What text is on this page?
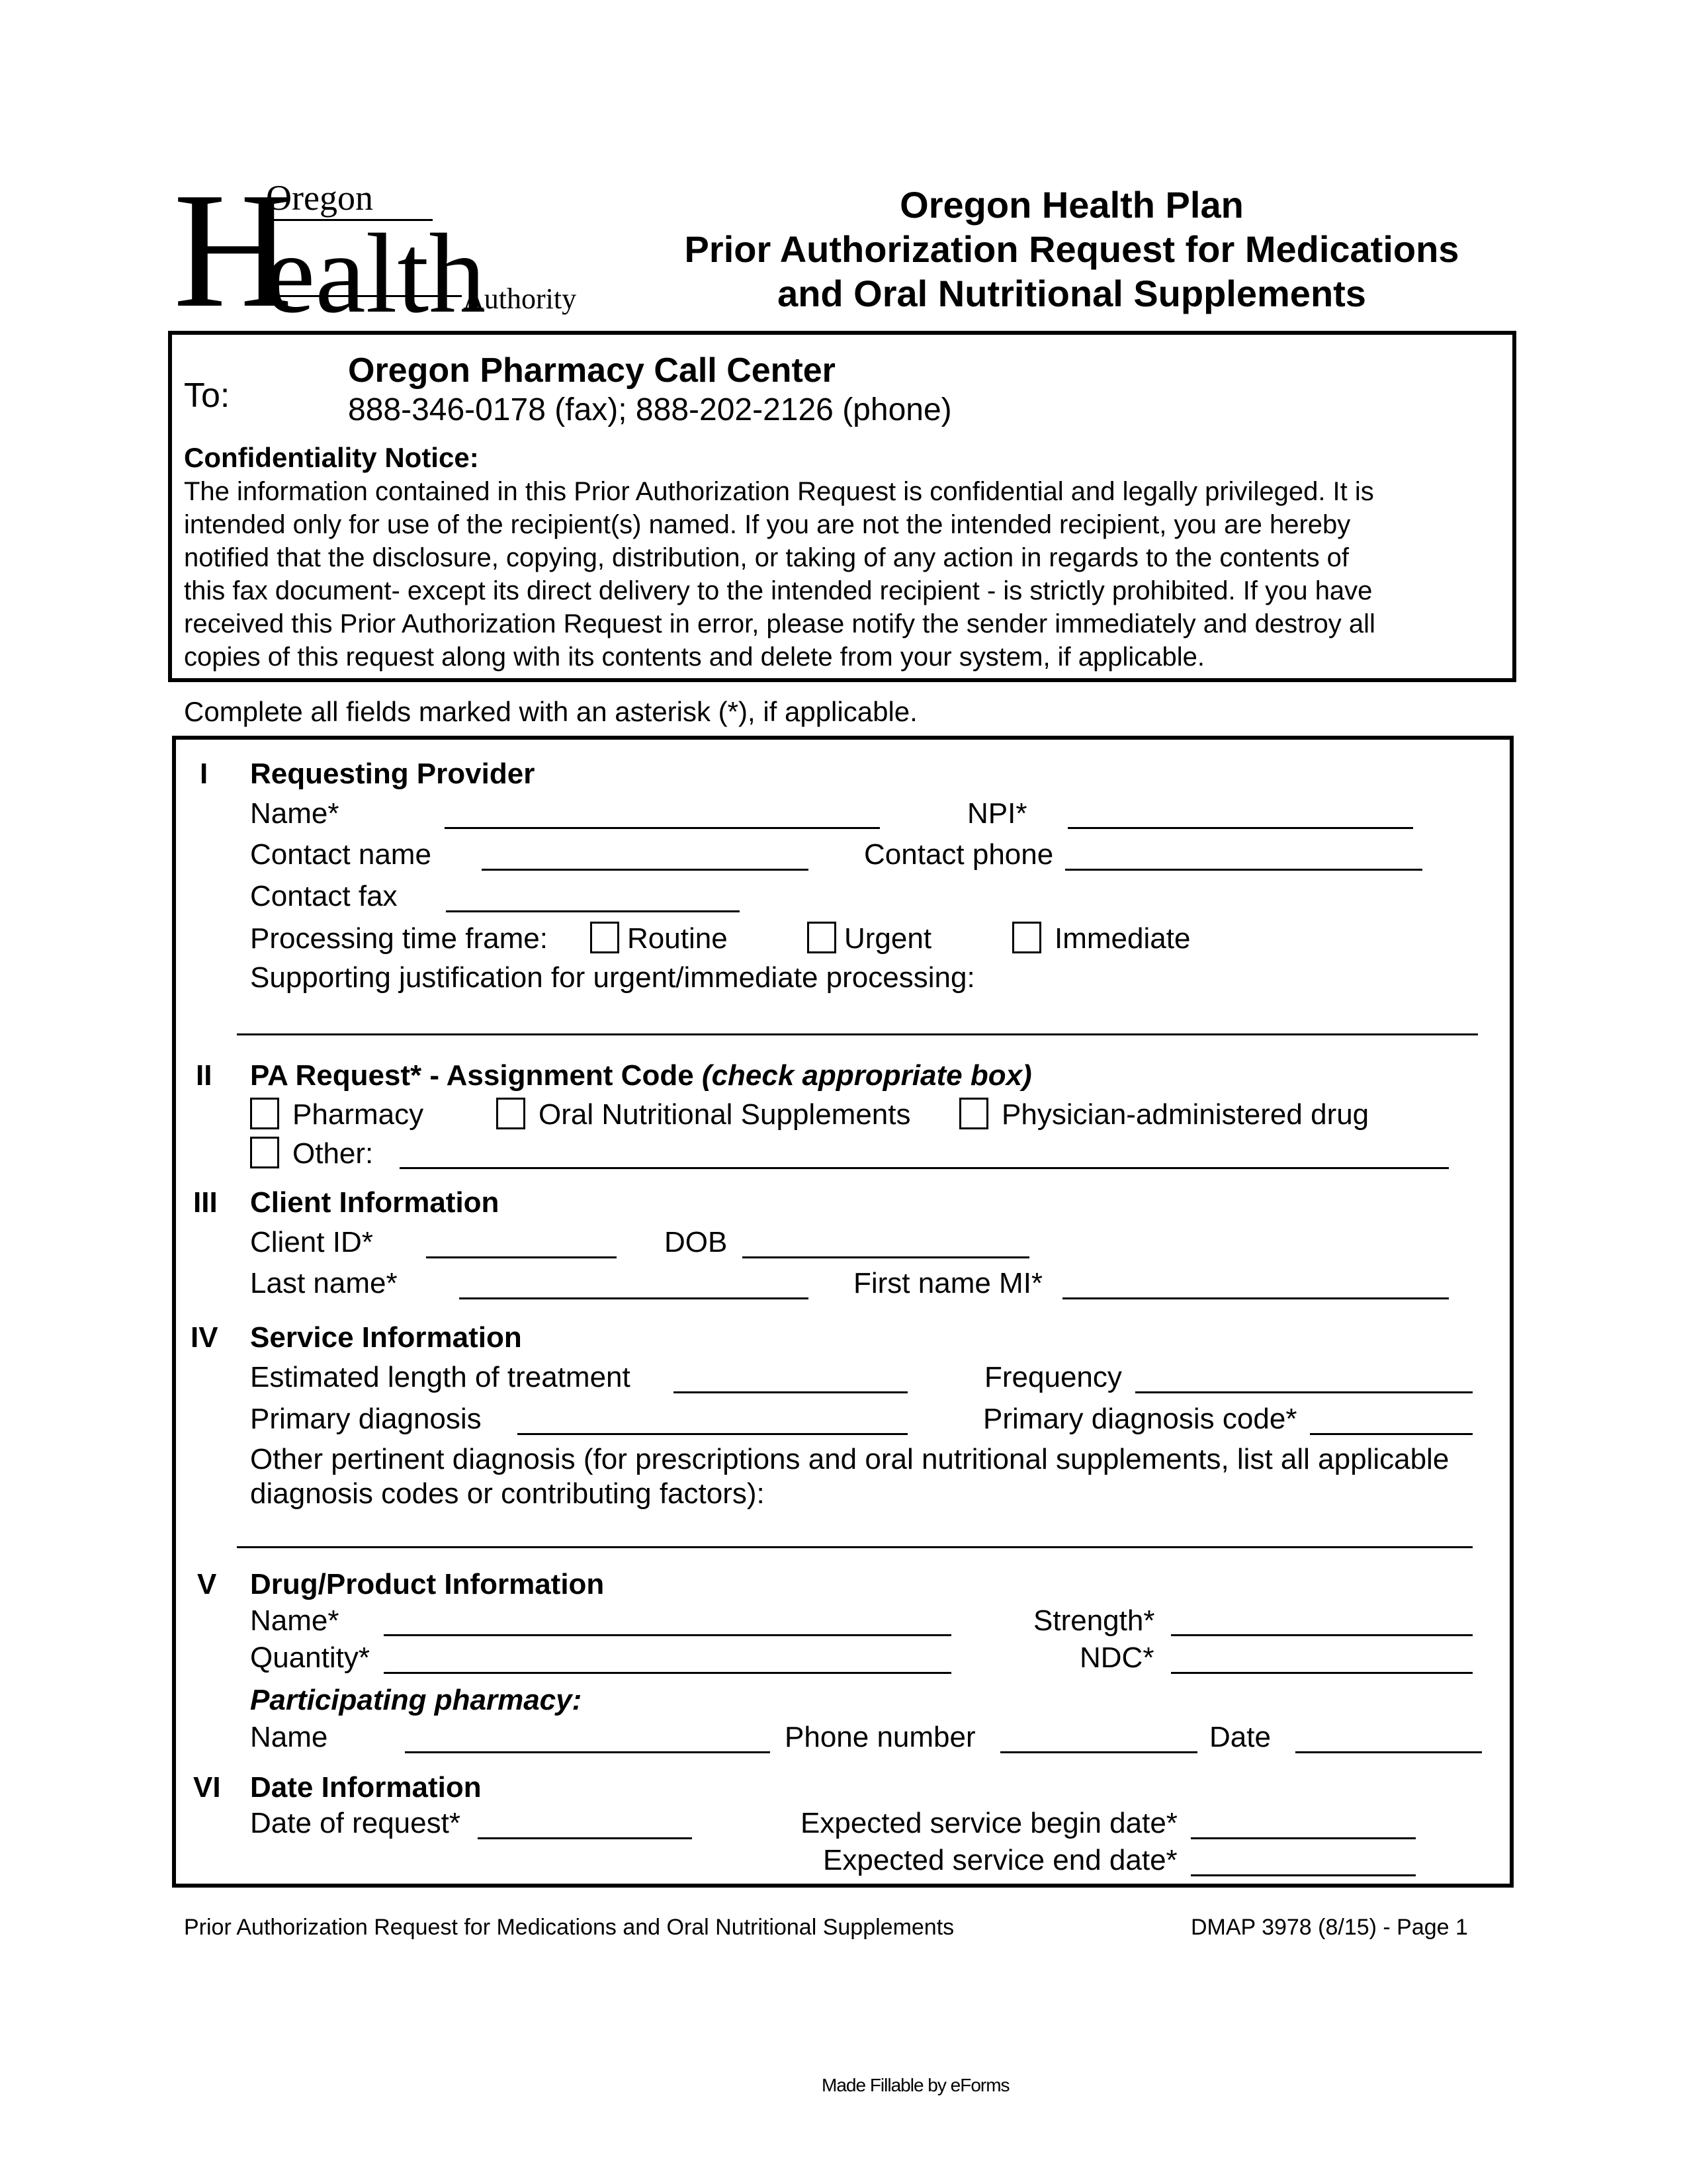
H
ealth
Oregon
Authority
Oregon Health Plan
Prior Authorization Request for Medications
and Oral Nutritional Supplements
To:
Oregon Pharmacy Call Center
888-346-0178 (fax); 888-202-2126 (phone)
Confidentiality Notice:
The information contained in this Prior Authorization Request is confidential and legally privileged. It is
intended only for use of the recipient(s) named. If you are not the intended recipient, you are hereby
notified that the disclosure, copying, distribution, or taking of any action in regards to the contents of
this fax document- except its direct delivery to the intended recipient - is strictly prohibited. If you have
received this Prior Authorization Request in error, please notify the sender immediately and destroy all
copies of this request along with its contents and delete from your system, if applicable.
Complete all fields marked with an asterisk (*), if applicable.
I Requesting Provider
Name*	NPI*
Contact name	Contact phone
Contact fax
Processing time frame:	Routine	Urgent	Immediate
Supporting justification for urgent/immediate processing:
II PA Request* - Assignment Code (check appropriate box)
Pharmacy	Oral Nutritional Supplements	Physician-administered drug
Other:
III Client Information
Client ID*	DOB
Last name*	First name MI*
IV Service Information
Estimated length of treatment	Frequency
Primary diagnosis	Primary diagnosis code*
Other pertinent diagnosis (for prescriptions and oral nutritional supplements, list all applicable
diagnosis codes or contributing factors):
V Drug/Product Information
Name*	Strength*
Quantity*	NDC*
Participating pharmacy:
Name	Phone number	Date
VI Date Information
Date of request*	Expected service begin date*
Expected service end date*
Prior Authorization Request for Medications and Oral Nutritional Supplements	DMAP 3978 (8/15) - Page 1
Made Fillable by eForms
